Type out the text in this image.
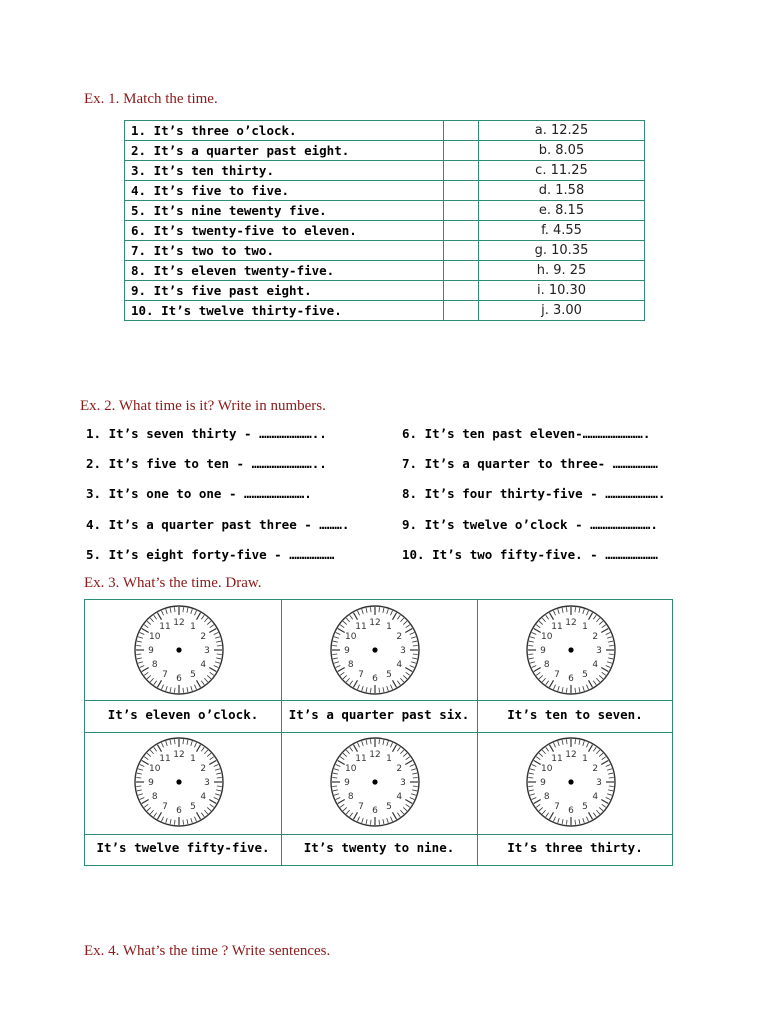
Ex. 1. Match the time.
1. It’s three o’clock.		a. 12.25
2. It’s a quarter past eight.		b. 8.05
3. It’s ten thirty.		c. 11.25
4. It’s five to five.		d. 1.58
5. It’s nine tewenty five.		e. 8.15
6. It’s twenty-five to eleven.		f. 4.55
7. It’s two to two.		g. 10.35
8. It’s eleven twenty-five.		h. 9. 25
9. It’s five past eight.		i. 10.30
10. It’s twelve thirty-five.		j. 3.00
Ex. 2. What time is it? Write in numbers.
1. It’s seven thirty - …………………..
2. It’s five to ten - ……………………..
3. It’s one to one - …………………….
4. It’s a quarter past three - ……….
5. It’s eight forty-five - ………………
6. It’s ten past eleven-…………………….
7. It’s a quarter to three- ………………
8. It’s four thirty-five - ………………….
9. It’s twelve o’clock - …………………….
10. It’s two fifty-five. - …………………
Ex. 3. What’s the time. Draw.
12 1
2
3
4
5
6
7
8
9
10
11	12 1
2
3
4
5
6
7
8
9
10
11	12 1
2
3
4
5
6
7
8
9
10
11
12 1
2
3
4
5
6
7
8
9
10
11	12 1
2
3
4
5
6
7
8
9
10
11	12 1
2
3
4
5
6
7
8
9
10
11
It’s eleven o’clock.	It’s a quarter past six.	It’s ten to seven.
It’s twelve fifty-five.	It’s twenty to nine.	It’s three thirty.
Ex. 4. What’s the time ? Write sentences.
